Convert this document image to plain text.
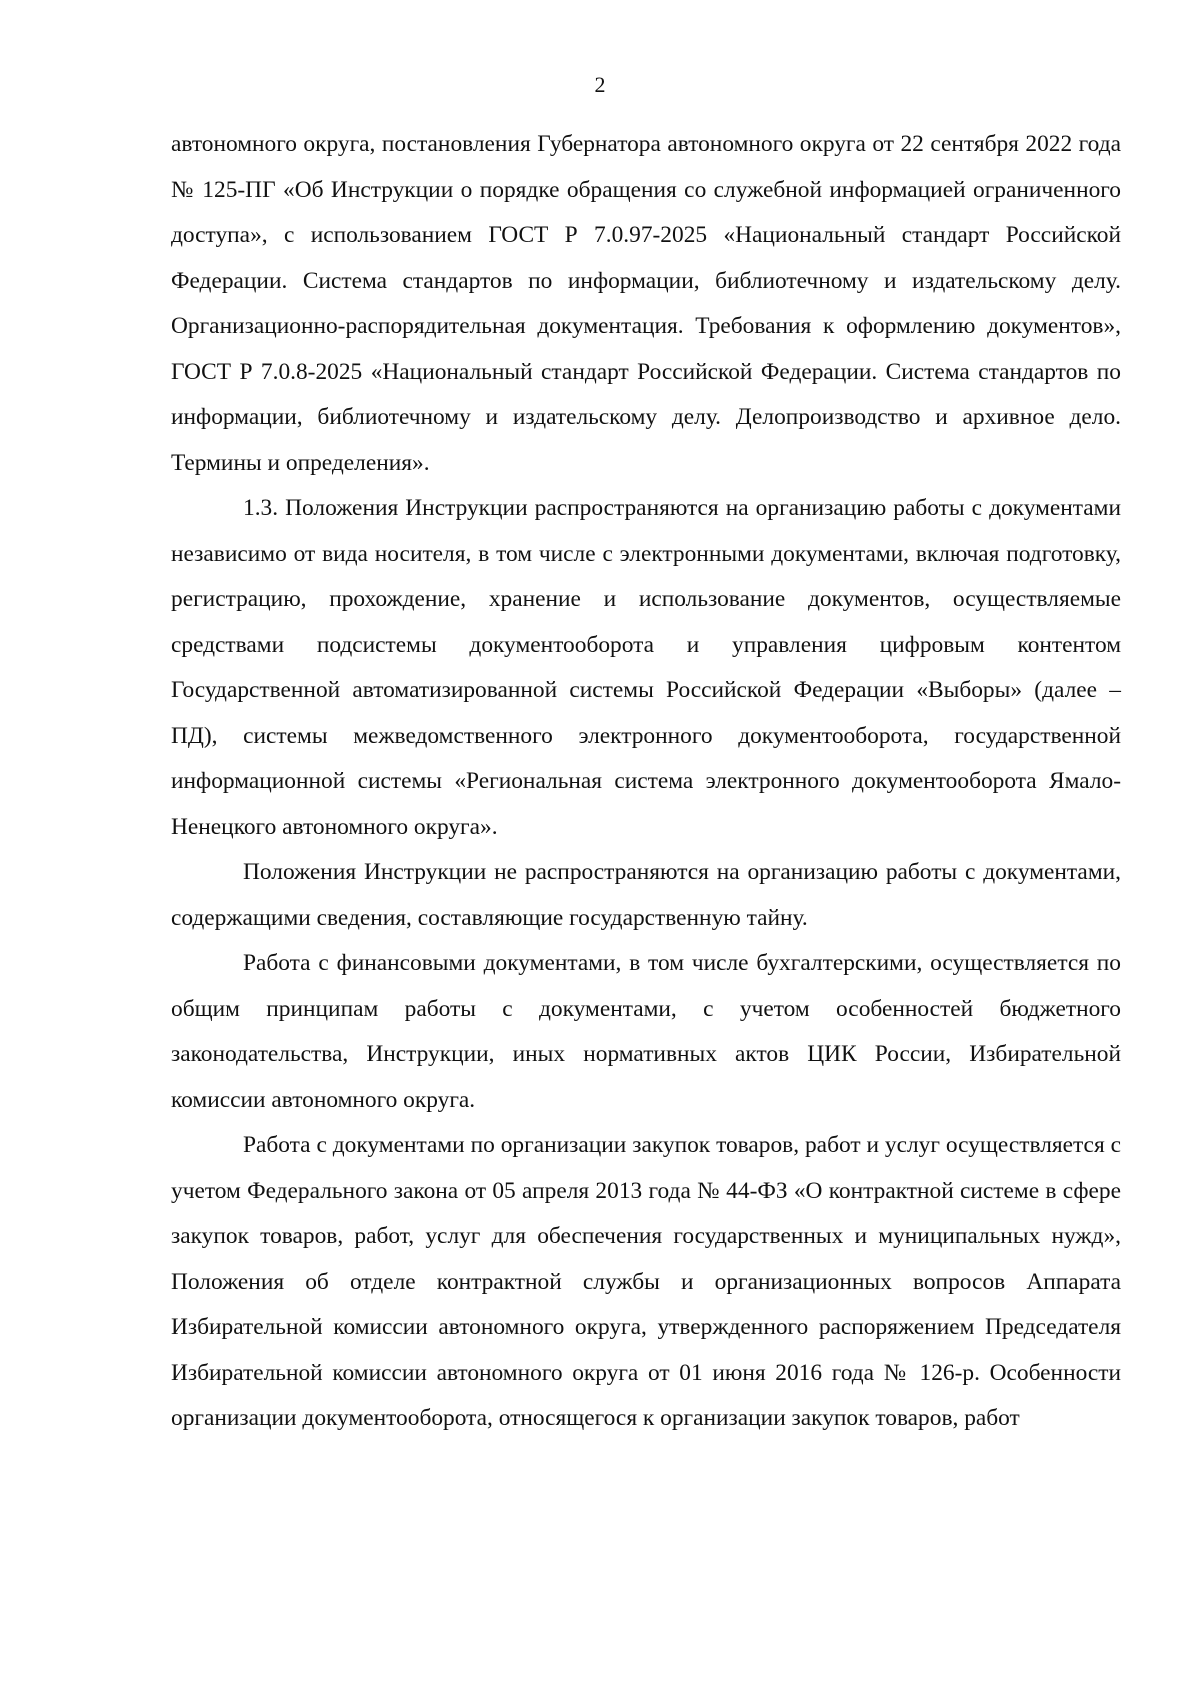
2

автономного округа, постановления Губернатора автономного округа от 22 сентября 2022 года № 125-ПГ «Об Инструкции о порядке обращения со служебной информацией ограниченного доступа», с использованием ГОСТ Р 7.0.97-2025 «Национальный стандарт Российской Федерации. Система стандартов по информации, библиотечному и издательскому делу. Организационно-распорядительная документация. Требования к оформлению документов», ГОСТ Р 7.0.8-2025 «Национальный стандарт Российской Федерации. Система стандартов по информации, библиотечному и издательскому делу. Делопроизводство и архивное дело. Термины и определения».

1.3. Положения Инструкции распространяются на организацию работы с документами независимо от вида носителя, в том числе с электронными документами, включая подготовку, регистрацию, прохождение, хранение и использование документов, осуществляемые средствами подсистемы документооборота и управления цифровым контентом Государственной автоматизированной системы Российской Федерации «Выборы» (далее – ПД), системы межведомственного электронного документооборота, государственной информационной системы «Региональная система электронного документооборота Ямало-Ненецкого автономного округа».

Положения Инструкции не распространяются на организацию работы с документами, содержащими сведения, составляющие государственную тайну.

Работа с финансовыми документами, в том числе бухгалтерскими, осуществляется по общим принципам работы с документами, с учетом особенностей бюджетного законодательства, Инструкции, иных нормативных актов ЦИК России, Избирательной комиссии автономного округа.

Работа с документами по организации закупок товаров, работ и услуг осуществляется с учетом Федерального закона от 05 апреля 2013 года № 44-ФЗ «О контрактной системе в сфере закупок товаров, работ, услуг для обеспечения государственных и муниципальных нужд», Положения об отделе контрактной службы и организационных вопросов Аппарата Избирательной комиссии автономного округа, утвержденного распоряжением Председателя Избирательной комиссии автономного округа от 01 июня 2016 года № 126-р. Особенности организации документооборота, относящегося к организации закупок товаров, работ
